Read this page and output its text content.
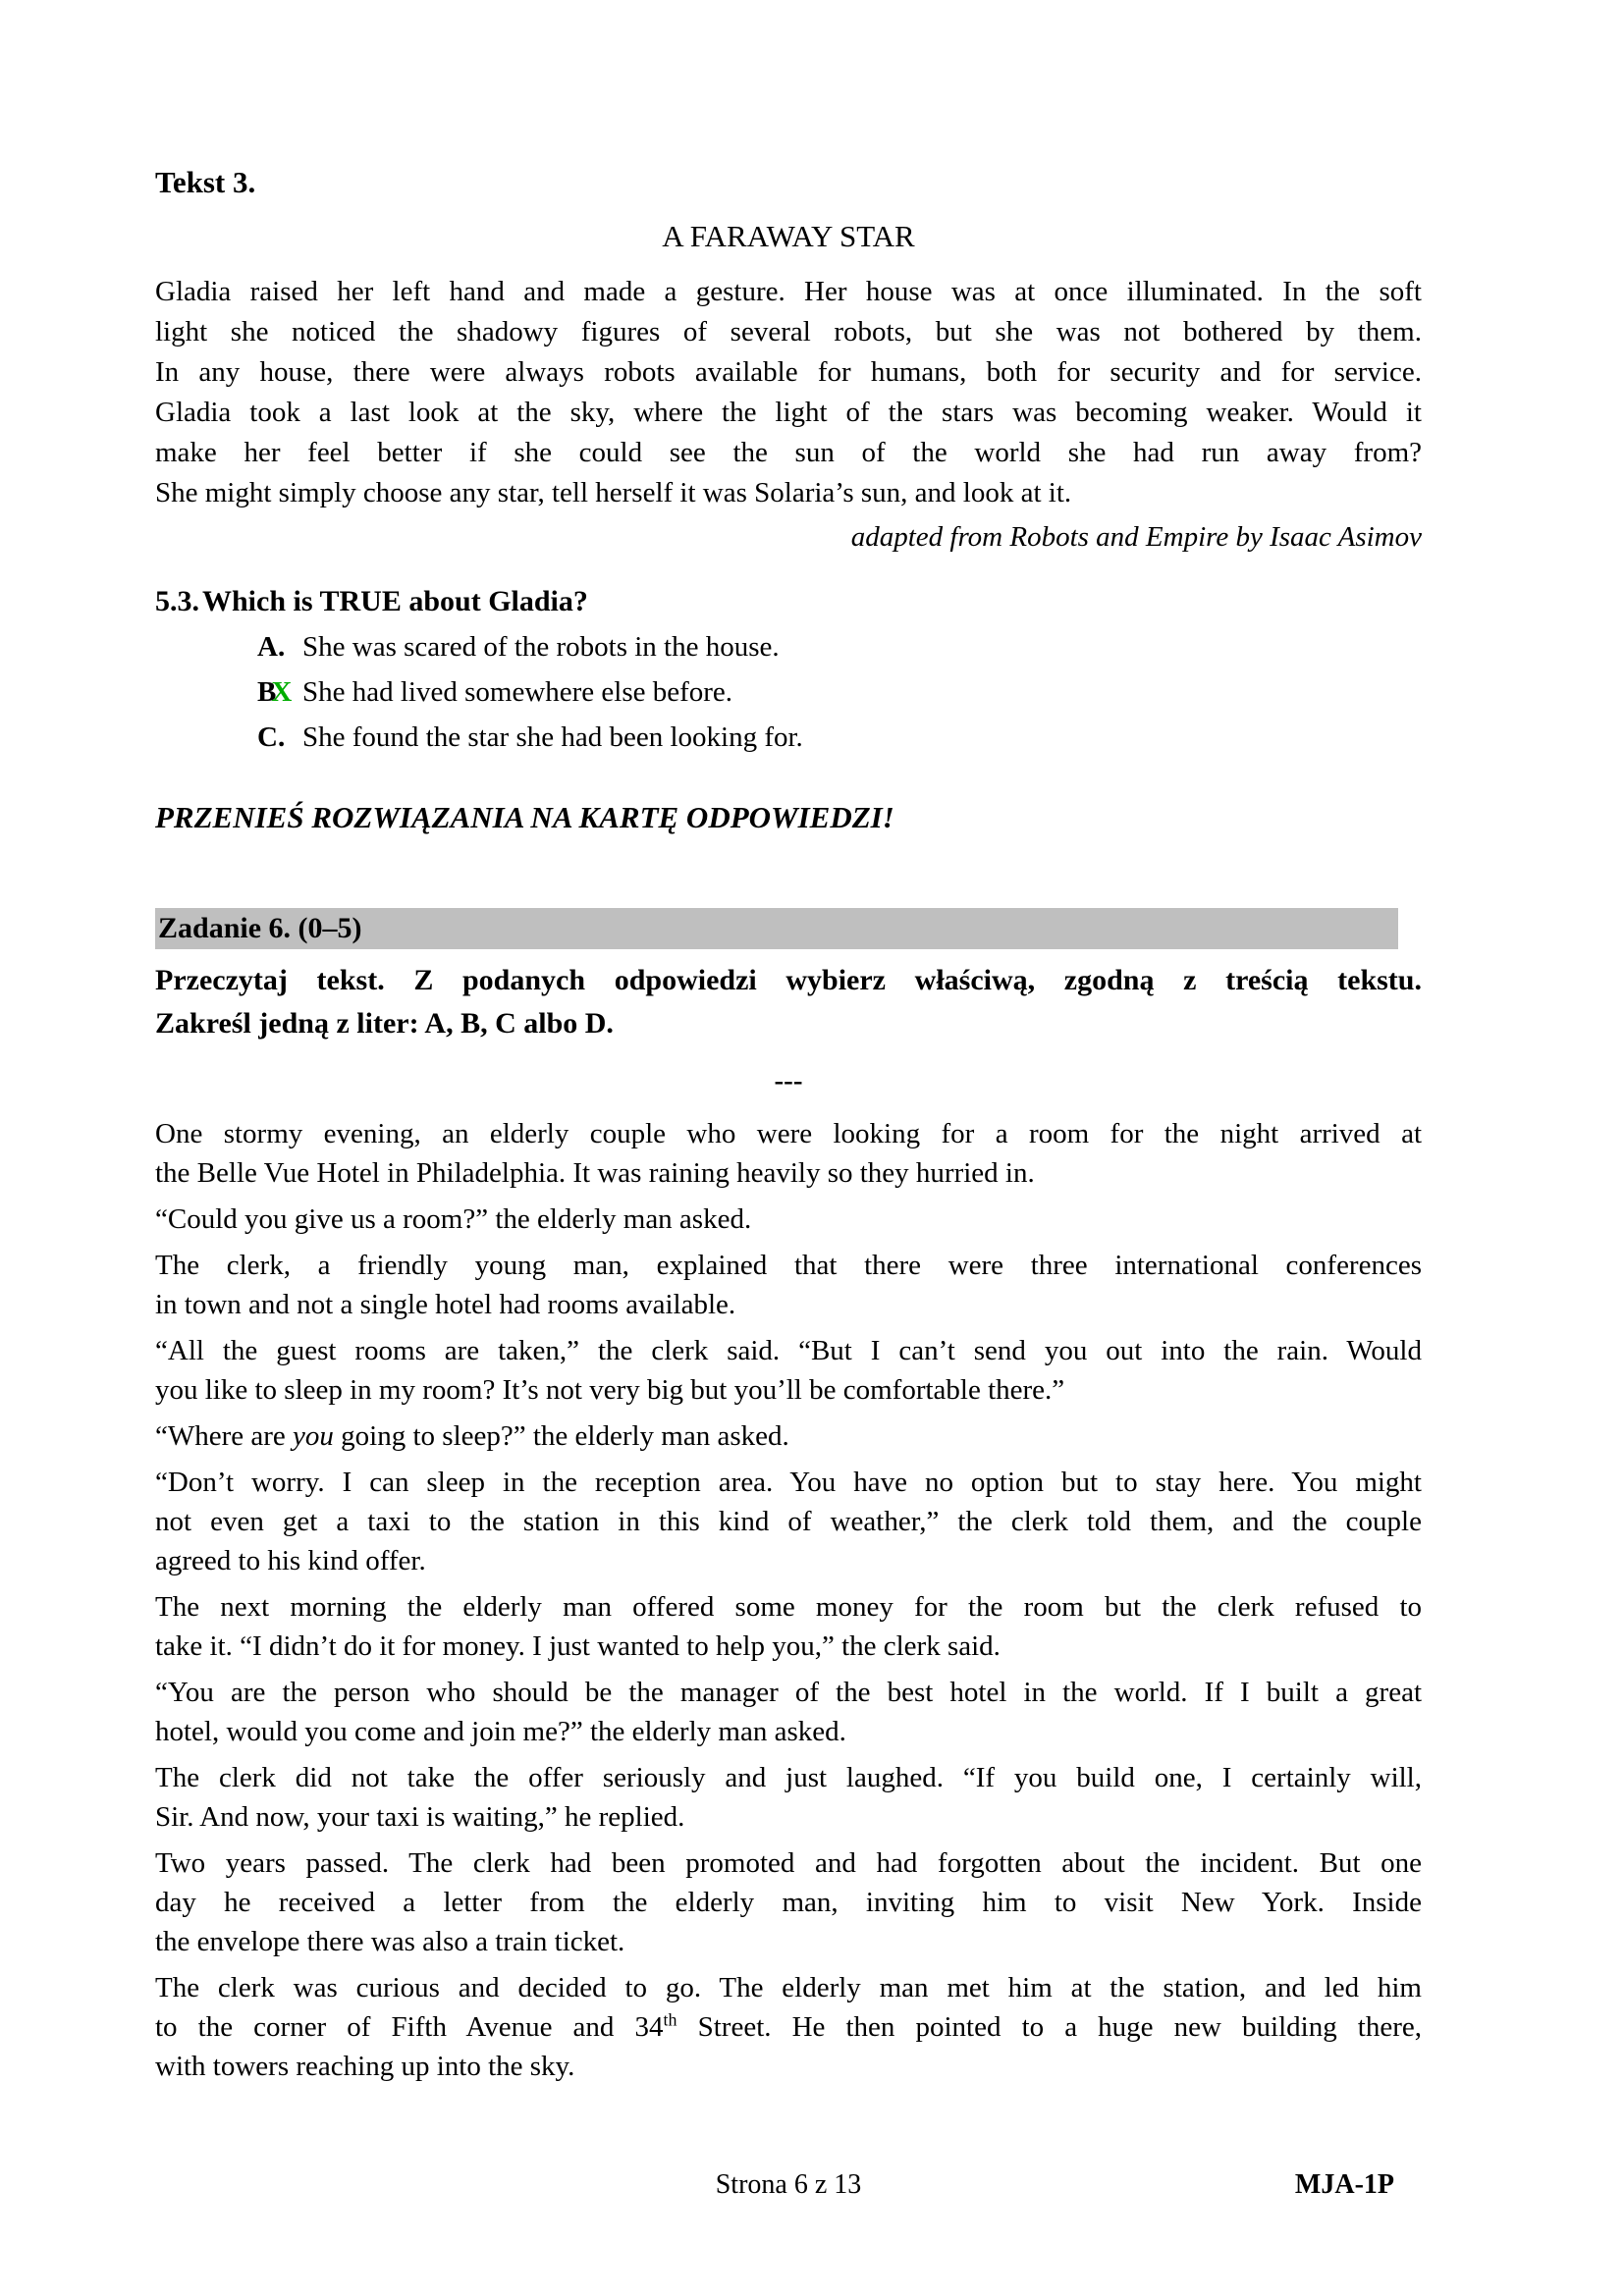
Tekst 3.
A FARAWAY STAR
Gladia raised her left hand and made a gesture. Her house was at once illuminated. In the soft
light she noticed the shadowy figures of several robots, but she was not bothered by them.
In any house, there were always robots available for humans, both for security and for service.
Gladia took a last look at the sky, where the light of the stars was becoming weaker. Would it
make her feel better if she could see the sun of the world she had run away from?
She might simply choose any star, tell herself it was Solaria’s sun, and look at it.
adapted from Robots and Empire by Isaac Asimov
5.3. Which is TRUE about Gladia?
A. She was scared of the robots in the house.
BX She had lived somewhere else before.
C. She found the star she had been looking for.
PRZENIEŚ ROZWIĄZANIA NA KARTĘ ODPOWIEDZI!
Zadanie 6. (0–5)
Przeczytaj tekst. Z podanych odpowiedzi wybierz właściwą, zgodną z treścią tekstu.
Zakreśl jedną z liter: A, B, C albo D.
---
One stormy evening, an elderly couple who were looking for a room for the night arrived at
the Belle Vue Hotel in Philadelphia. It was raining heavily so they hurried in.
“Could you give us a room?” the elderly man asked.
The clerk, a friendly young man, explained that there were three international conferences
in town and not a single hotel had rooms available.
“All the guest rooms are taken,” the clerk said. “But I can’t send you out into the rain. Would
you like to sleep in my room? It’s not very big but you’ll be comfortable there.”
“Where are you going to sleep?” the elderly man asked.
“Don’t worry. I can sleep in the reception area. You have no option but to stay here. You might
not even get a taxi to the station in this kind of weather,” the clerk told them, and the couple
agreed to his kind offer.
The next morning the elderly man offered some money for the room but the clerk refused to
take it. “I didn’t do it for money. I just wanted to help you,” the clerk said.
“You are the person who should be the manager of the best hotel in the world. If I built a great
hotel, would you come and join me?” the elderly man asked.
The clerk did not take the offer seriously and just laughed. “If you build one, I certainly will,
Sir. And now, your taxi is waiting,” he replied.
Two years passed. The clerk had been promoted and had forgotten about the incident. But one
day he received a letter from the elderly man, inviting him to visit New York. Inside
the envelope there was also a train ticket.
The clerk was curious and decided to go. The elderly man met him at the station, and led him
to the corner of Fifth Avenue and 34th Street. He then pointed to a huge new building there,
with towers reaching up into the sky.
Strona 6 z 13	MJA-1P
